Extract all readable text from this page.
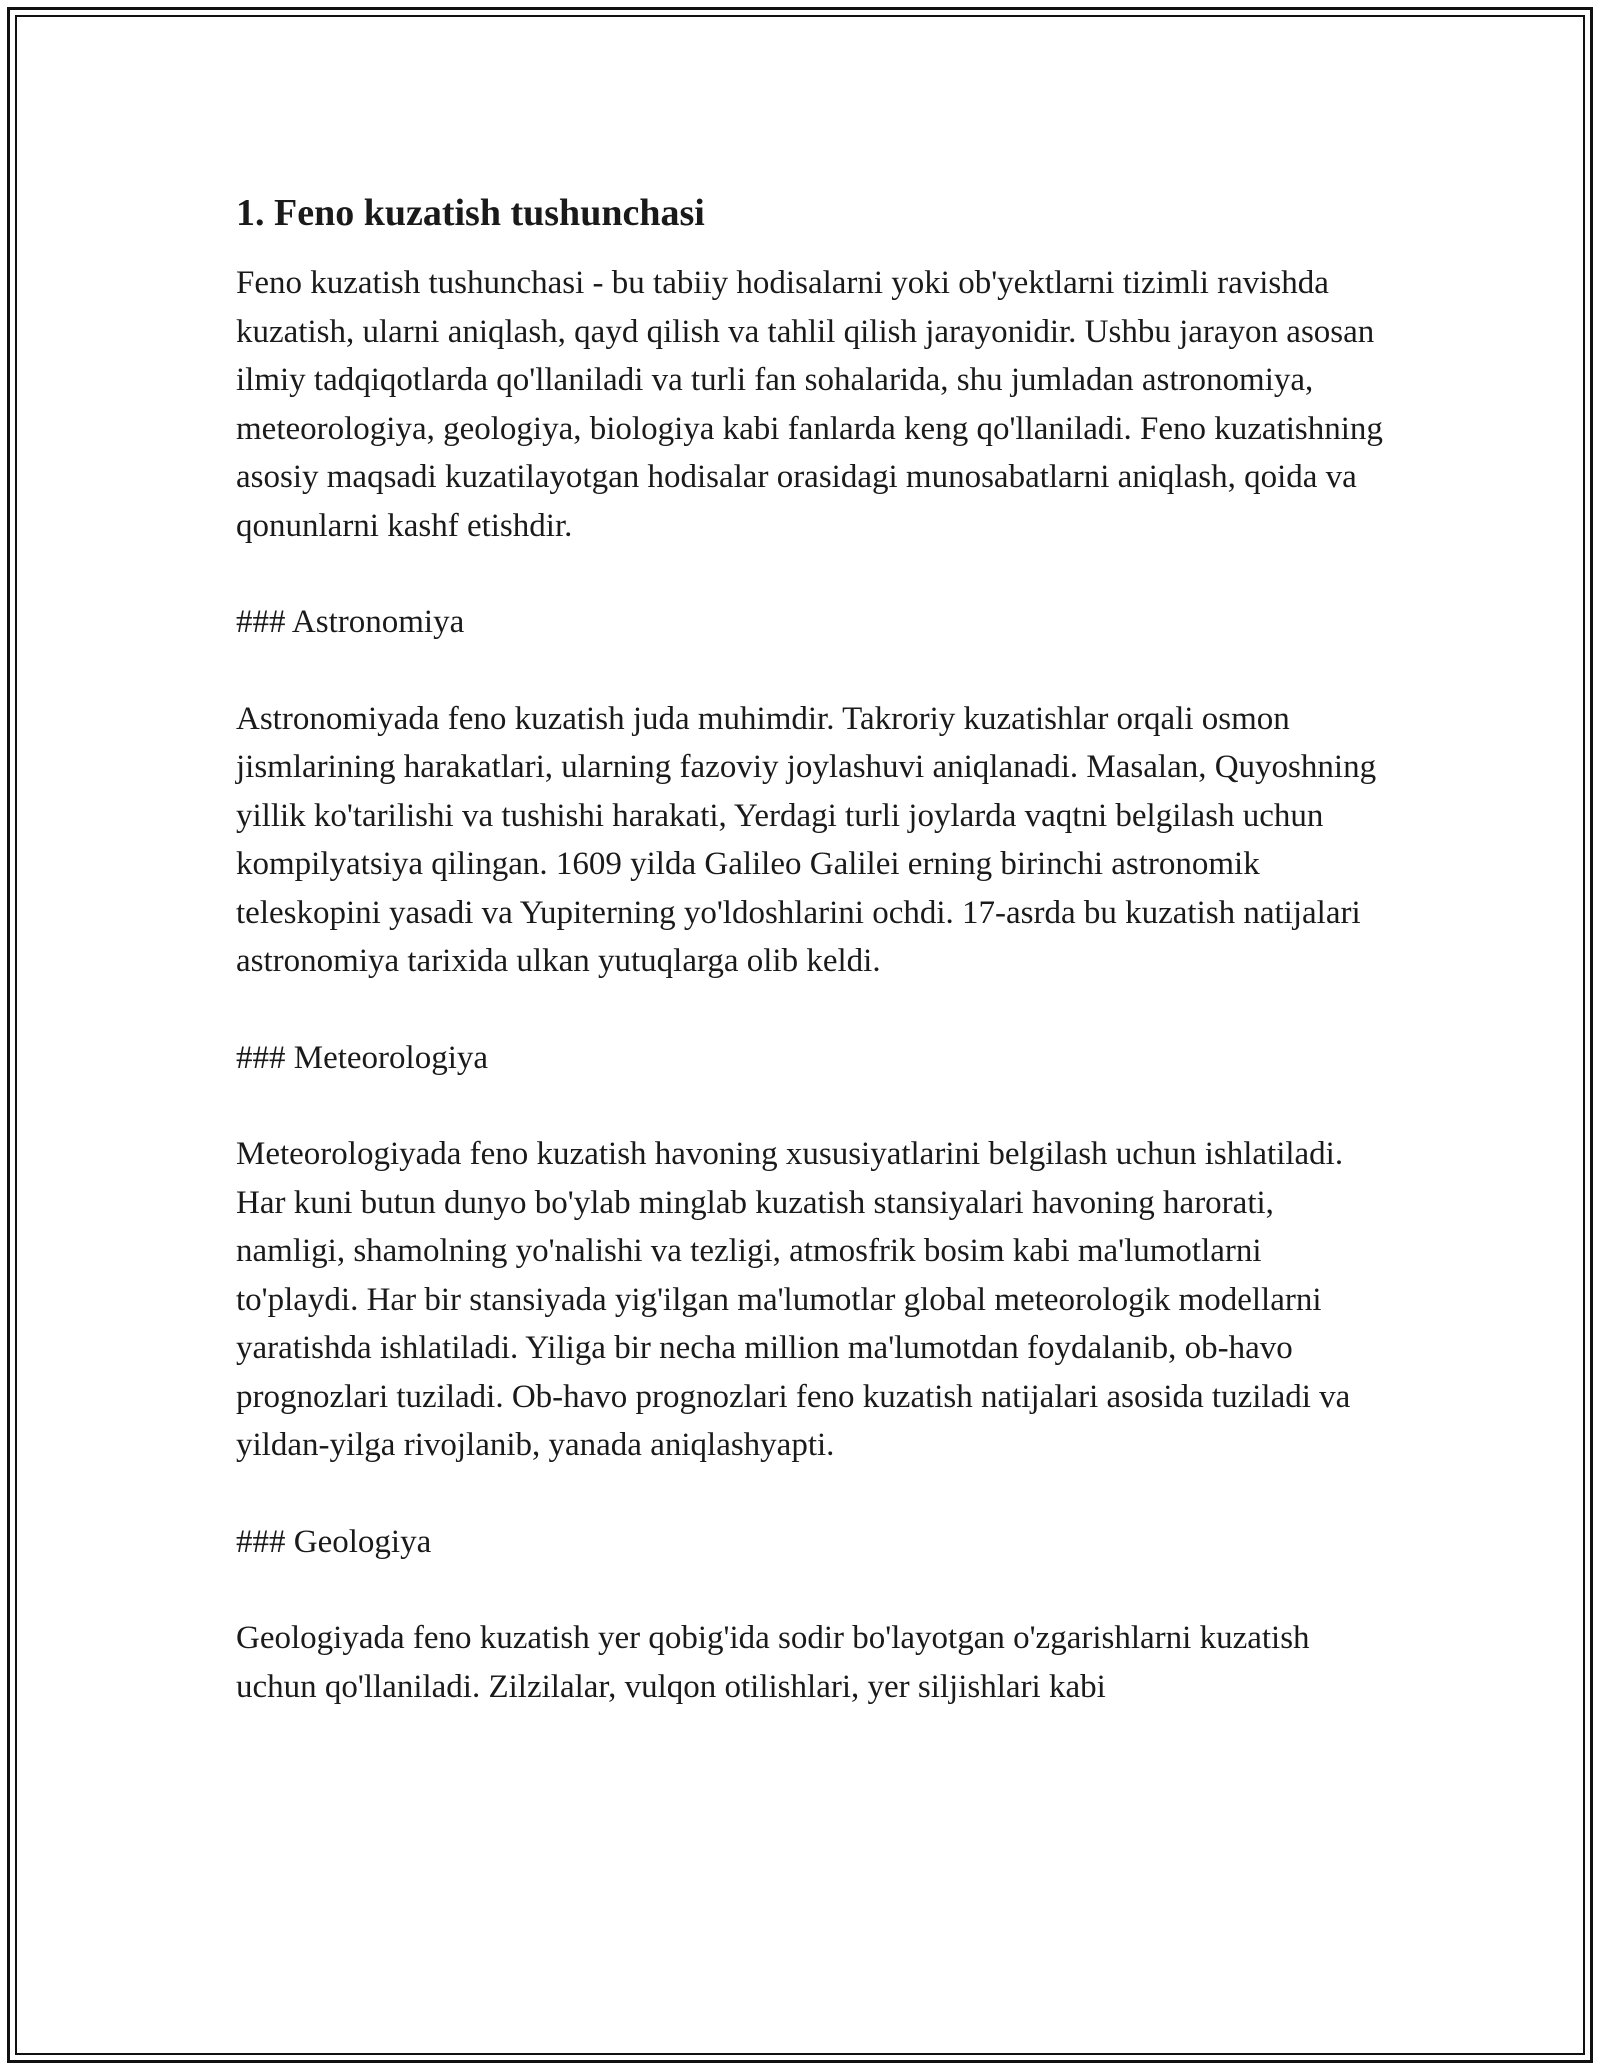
1. Feno kuzatish tushunchasi

Feno kuzatish tushunchasi - bu tabiiy hodisalarni yoki ob'yektlarni tizimli ravishda kuzatish, ularni aniqlash, qayd qilish va tahlil qilish jarayonidir. Ushbu jarayon asosan ilmiy tadqiqotlarda qo'llaniladi va turli fan sohalarida, shu jumladan astronomiya, meteorologiya, geologiya, biologiya kabi fanlarda keng qo'llaniladi. Feno kuzatishning asosiy maqsadi kuzatilayotgan hodisalar orasidagi munosabatlarni aniqlash, qoida va qonunlarni kashf etishdir.

### Astronomiya

Astronomiyada feno kuzatish juda muhimdir. Takroriy kuzatishlar orqali osmon jismlarining harakatlari, ularning fazoviy joylashuvi aniqlanadi. Masalan, Quyoshning yillik ko'tarilishi va tushishi harakati, Yerdagi turli joylarda vaqtni belgilash uchun kompilyatsiya qilingan. 1609 yilda Galileo Galilei erning birinchi astronomik teleskopini yasadi va Yupiterning yo'ldoshlarini ochdi. 17-asrda bu kuzatish natijalari astronomiya tarixida ulkan yutuqlarga olib keldi.

### Meteorologiya

Meteorologiyada feno kuzatish havoning xususiyatlarini belgilash uchun ishlatiladi. Har kuni butun dunyo bo'ylab minglab kuzatish stansiyalari havoning harorati, namligi, shamolning yo'nalishi va tezligi, atmosfrik bosim kabi ma'lumotlarni to'playdi. Har bir stansiyada yig'ilgan ma'lumotlar global meteorologik modellarni yaratishda ishlatiladi. Yiliga bir necha million ma'lumotdan foydalanib, ob-havo prognozlari tuziladi. Ob-havo prognozlari feno kuzatish natijalari asosida tuziladi va yildan-yilga rivojlanib, yanada aniqlashyapti.

### Geologiya

Geologiyada feno kuzatish yer qobig'ida sodir bo'layotgan o'zgarishlarni kuzatish uchun qo'llaniladi. Zilzilalar, vulqon otilishlari, yer siljishlari kabi
